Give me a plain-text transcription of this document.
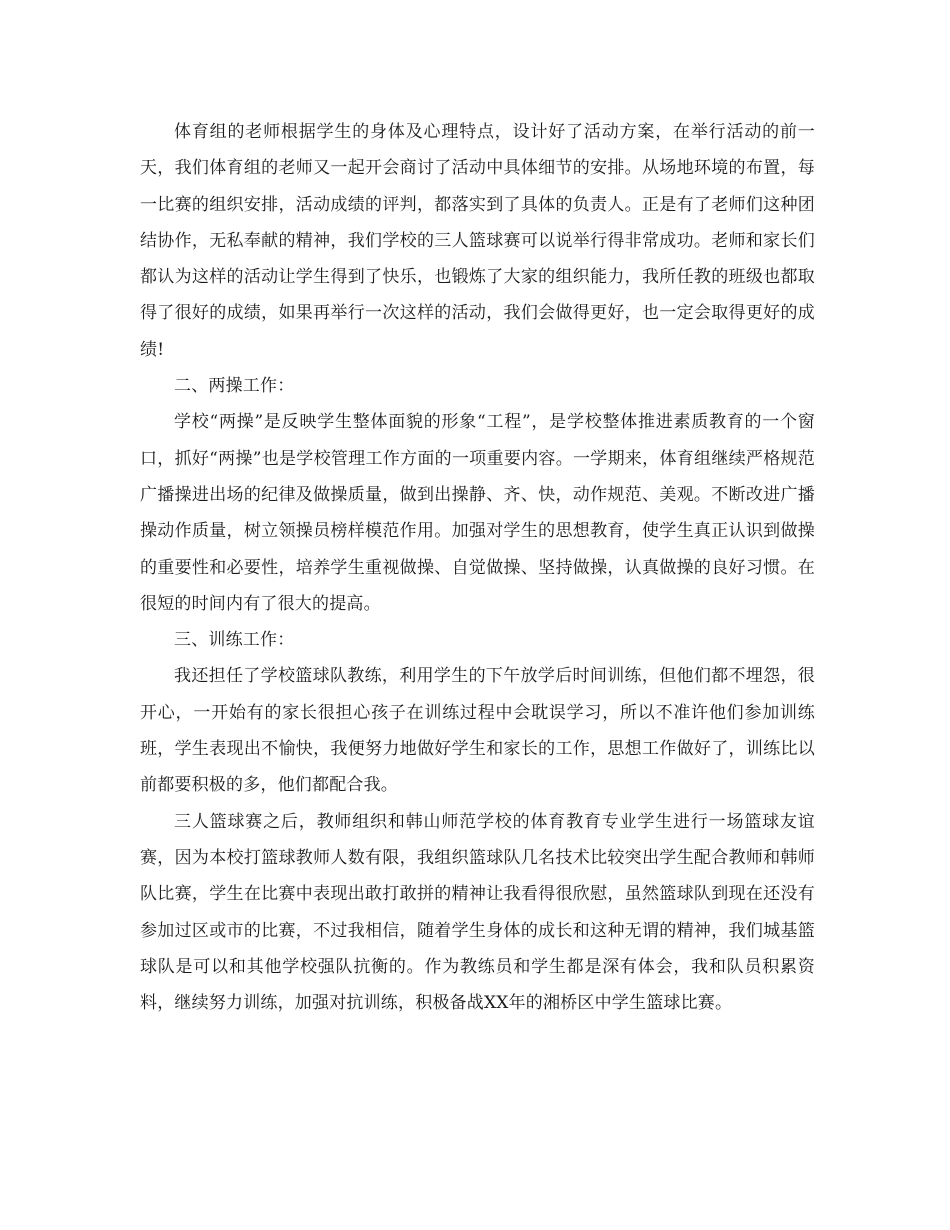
体育组的老师根据学生的身体及心理特点，设计好了活动方案，在举行活动的前一天，我们体育组的老师又一起开会商讨了活动中具体细节的安排。从场地环境的布置，每一比赛的组织安排，活动成绩的评判，都落实到了具体的负责人。正是有了老师们这种团结协作，无私奉献的精神，我们学校的三人篮球赛可以说举行得非常成功。老师和家长们都认为这样的活动让学生得到了快乐，也锻炼了大家的组织能力，我所任教的班级也都取得了很好的成绩，如果再举行一次这样的活动，我们会做得更好，也一定会取得更好的成绩!

二、两操工作：

学校“两操”是反映学生整体面貌的形象“工程”，是学校整体推进素质教育的一个窗口，抓好“两操”也是学校管理工作方面的一项重要内容。一学期来，体育组继续严格规范广播操进出场的纪律及做操质量，做到出操静、齐、快，动作规范、美观。不断改进广播操动作质量，树立领操员榜样模范作用。加强对学生的思想教育，使学生真正认识到做操的重要性和必要性，培养学生重视做操、自觉做操、坚持做操，认真做操的良好习惯。在很短的时间内有了很大的提高。

三、训练工作：

我还担任了学校篮球队教练，利用学生的下午放学后时间训练，但他们都不埋怨，很开心，一开始有的家长很担心孩子在训练过程中会耽误学习，所以不准许他们参加训练班，学生表现出不愉快，我便努力地做好学生和家长的工作，思想工作做好了，训练比以前都要积极的多，他们都配合我。

三人篮球赛之后，教师组织和韩山师范学校的体育教育专业学生进行一场篮球友谊赛，因为本校打篮球教师人数有限，我组织篮球队几名技术比较突出学生配合教师和韩师队比赛，学生在比赛中表现出敢打敢拼的精神让我看得很欣慰，虽然篮球队到现在还没有参加过区或市的比赛，不过我相信，随着学生身体的成长和这种无谓的精神，我们城基篮球队是可以和其他学校强队抗衡的。作为教练员和学生都是深有体会，我和队员积累资料，继续努力训练，加强对抗训练，积极备战XX年的湘桥区中学生篮球比赛。
